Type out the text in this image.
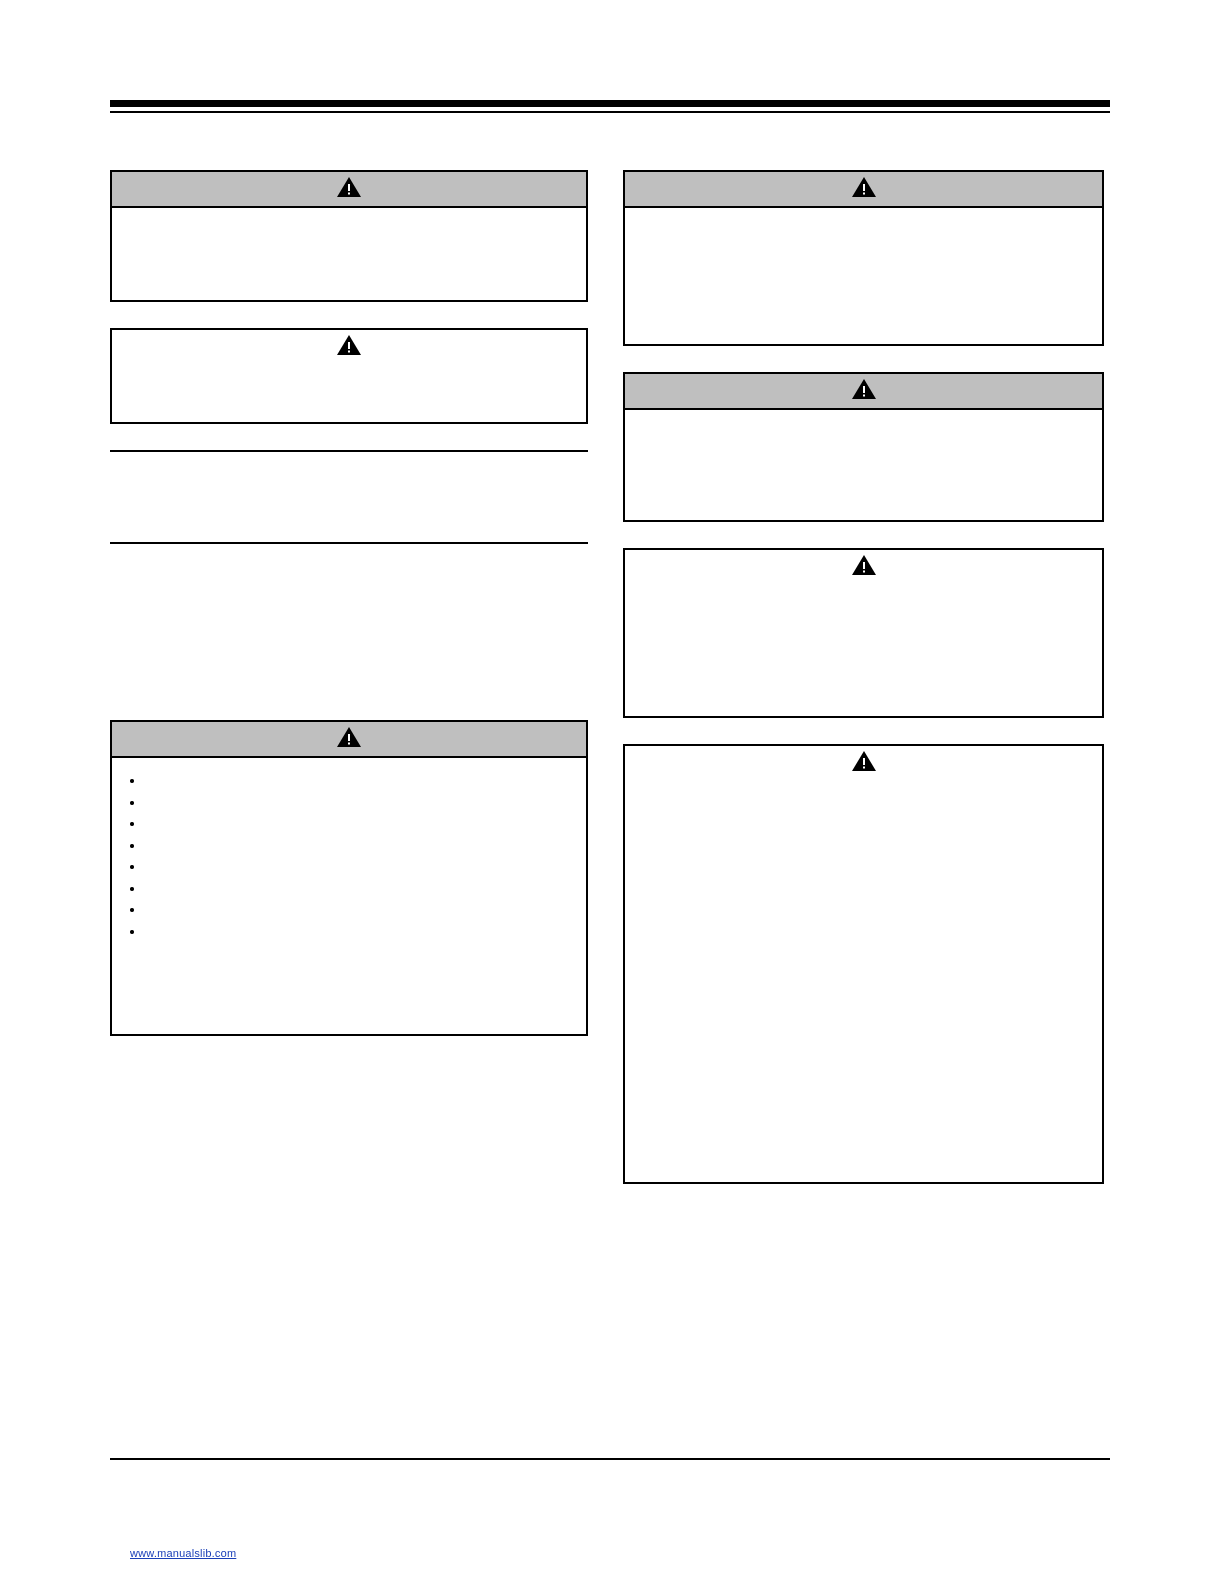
•
•
•
•
•
•
•
•

www.manualslib.com
